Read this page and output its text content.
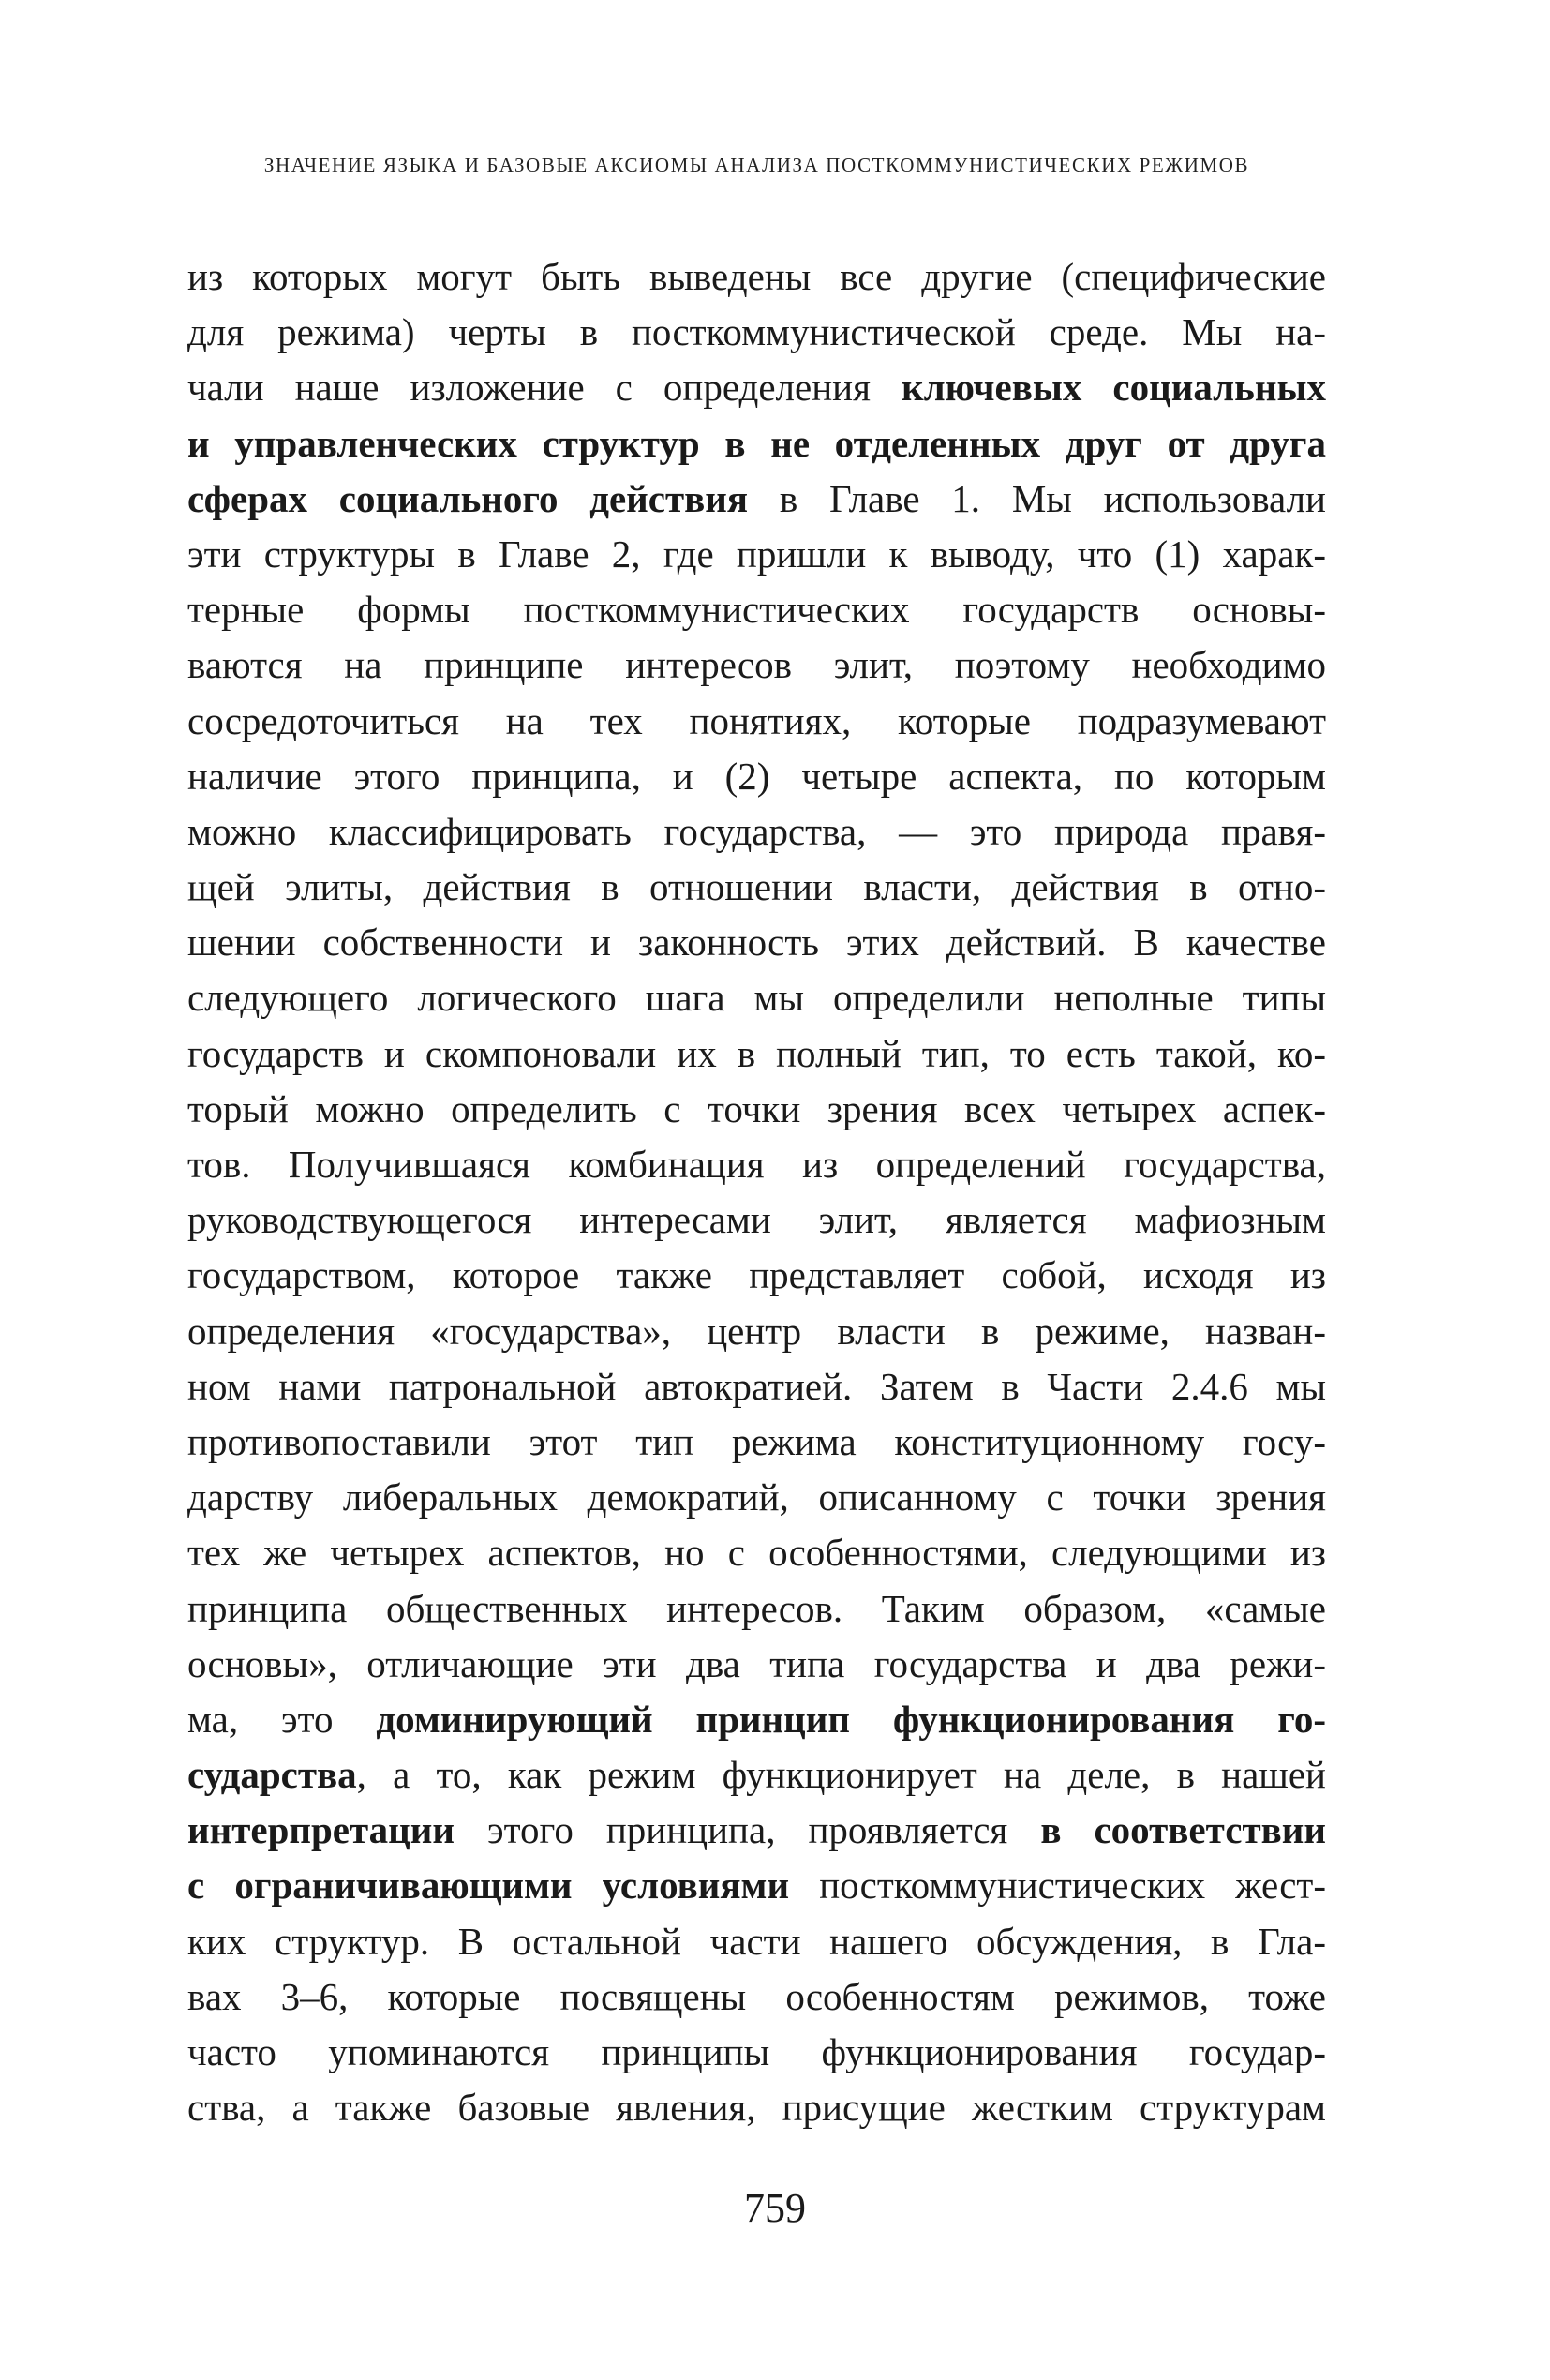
ЗНАЧЕНИЕ ЯЗЫКА И БАЗОВЫЕ АКСИОМЫ АНАЛИЗА ПОСТКОММУНИСТИЧЕСКИХ РЕЖИМОВ
из которых могут быть выведены все другие (специфические
для режима) черты в посткоммунистической среде. Мы на-
чали наше изложение с определения ключевых социальных
и управленческих структур в не отделенных друг от друга
сферах социального действия в Главе 1. Мы использовали
эти структуры в Главе 2, где пришли к выводу, что (1) харак-
терные формы посткоммунистических государств основы-
ваются на принципе интересов элит, поэтому необходимо
сосредоточиться на тех понятиях, которые подразумевают
наличие этого принципа, и (2) четыре аспекта, по которым
можно классифицировать государства, — это природа правя-
щей элиты, действия в отношении власти, действия в отно-
шении собственности и законность этих действий. В качестве
следующего логического шага мы определили неполные типы
государств и скомпоновали их в полный тип, то есть такой, ко-
торый можно определить с точки зрения всех четырех аспек-
тов. Получившаяся комбинация из определений государства,
руководствующегося интересами элит, является мафиозным
государством, которое также представляет собой, исходя из
определения «государства», центр власти в режиме, назван-
ном нами патрональной автократией. Затем в Части 2.4.6 мы
противопоставили этот тип режима конституционному госу-
дарству либеральных демократий, описанному с точки зрения
тех же четырех аспектов, но с особенностями, следующими из
принципа общественных интересов. Таким образом, «самые
основы», отличающие эти два типа государства и два режи-
ма, это доминирующий принцип функционирования го-
сударства, а то, как режим функционирует на деле, в нашей
интерпретации этого принципа, проявляется в соответствии
с ограничивающими условиями посткоммунистических жест-
ких структур. В остальной части нашего обсуждения, в Гла-
вах 3–6, которые посвящены особенностям режимов, тоже
часто упоминаются принципы функционирования государ-
ства, а также базовые явления, присущие жестким структурам
759
